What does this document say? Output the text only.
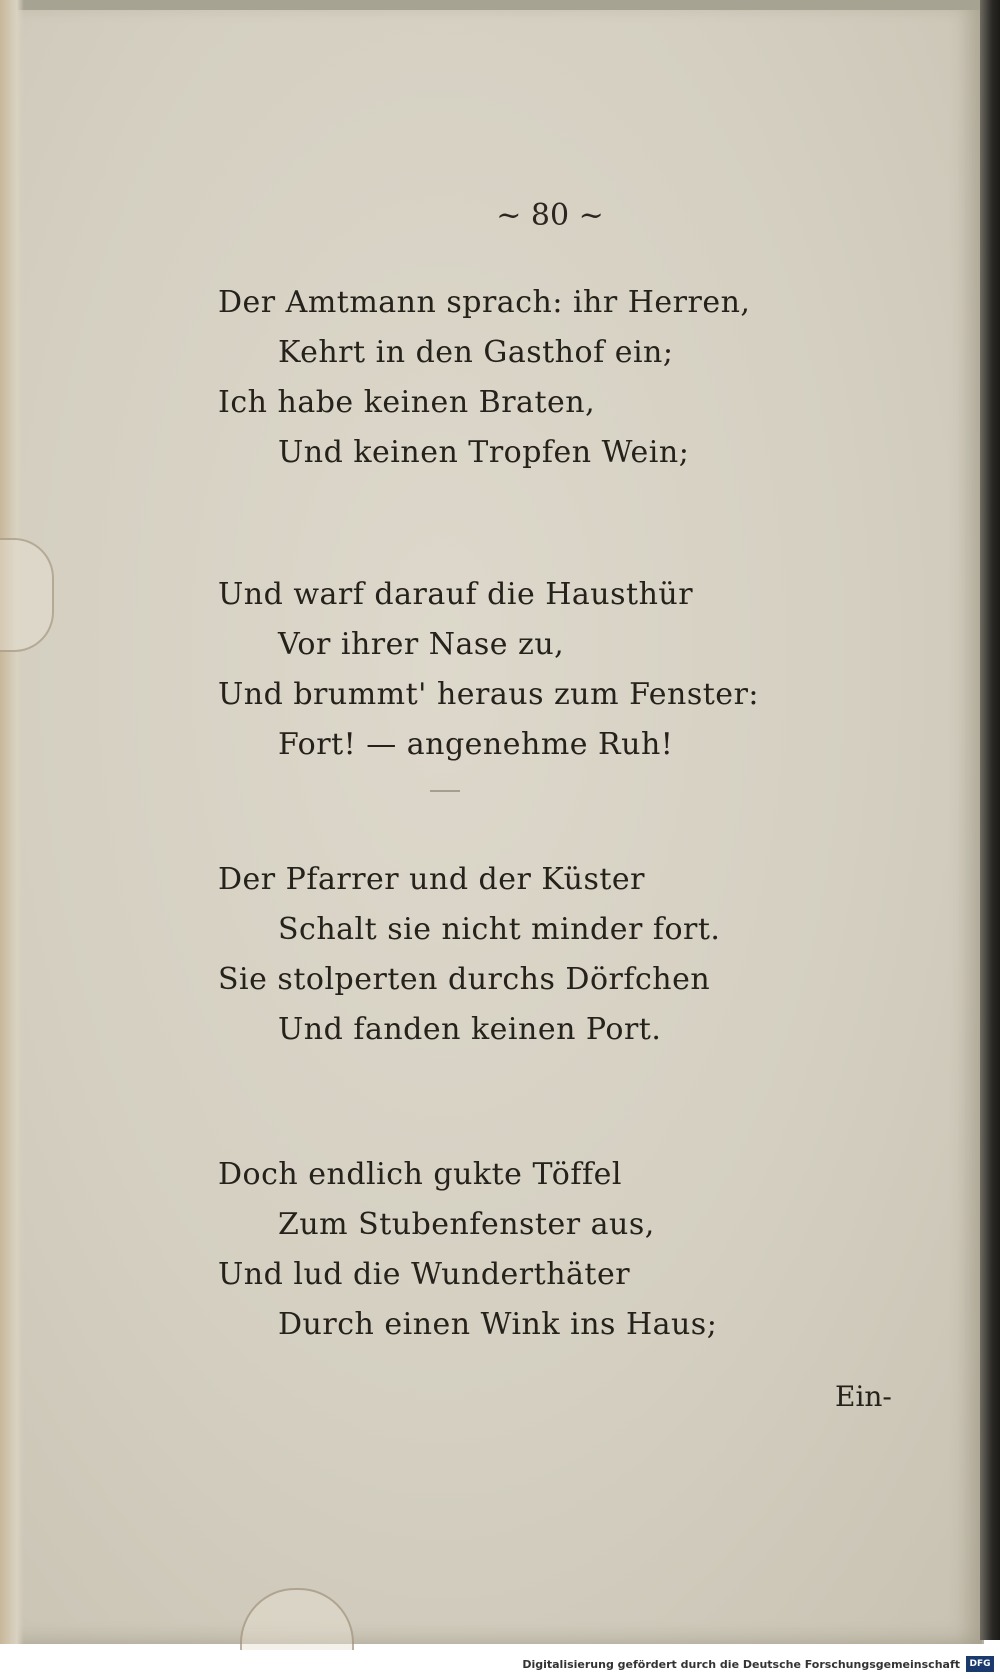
~ 80 ~
Der Amtmann sprach: ihr Herren,
Kehrt in den Gasthof ein;
Ich habe keinen Braten,
Und keinen Tropfen Wein;
Und warf darauf die Hausthür
Vor ihrer Nase zu,
Und brummt' heraus zum Fenster:
Fort! — angenehme Ruh!
Der Pfarrer und der Küster
Schalt sie nicht minder fort.
Sie stolperten durchs Dörfchen
Und fanden keinen Port.
Doch endlich gukte Töffel
Zum Stubenfenster aus,
Und lud die Wunderthäter
Durch einen Wink ins Haus;
Ein-
Digitalisierung gefördert durch die Deutsche Forschungsgemeinschaft	DFG
